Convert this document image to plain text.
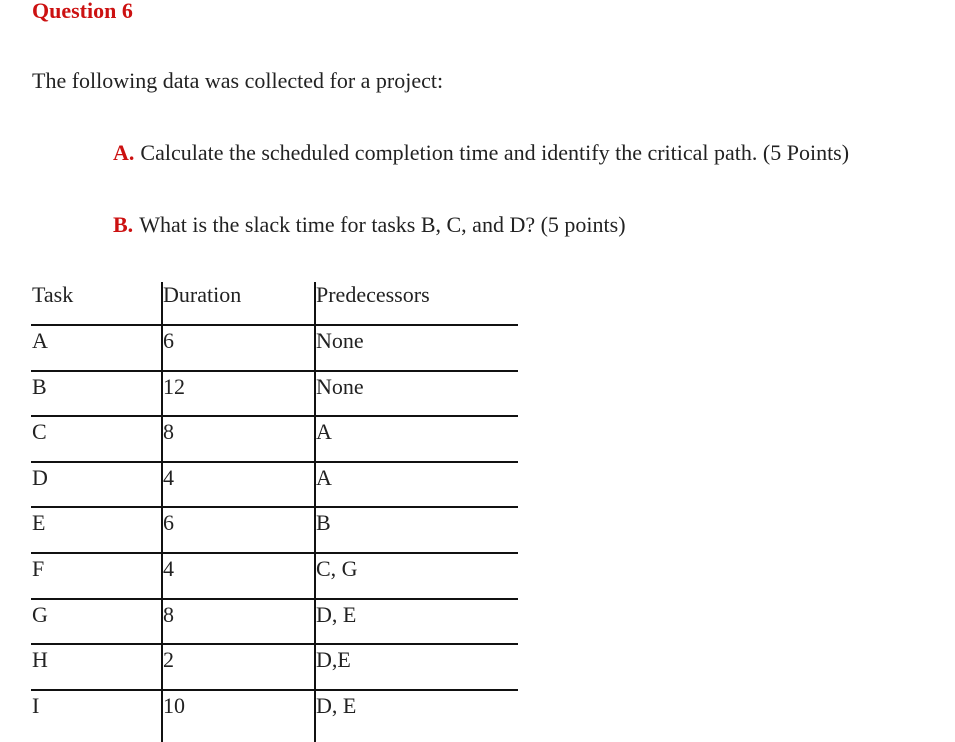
Question 6
The following data was collected for a project:
A. Calculate the scheduled completion time and identify the critical path. (5 Points)
B. What is the slack time for tasks B, C, and D? (5 points)
Task	Duration	Predecessors
A	6	None
B	12	None
C	8	A
D	4	A
E	6	B
F	4	C, G
G	8	D, E
H	2	D,E
I	10	D, E
